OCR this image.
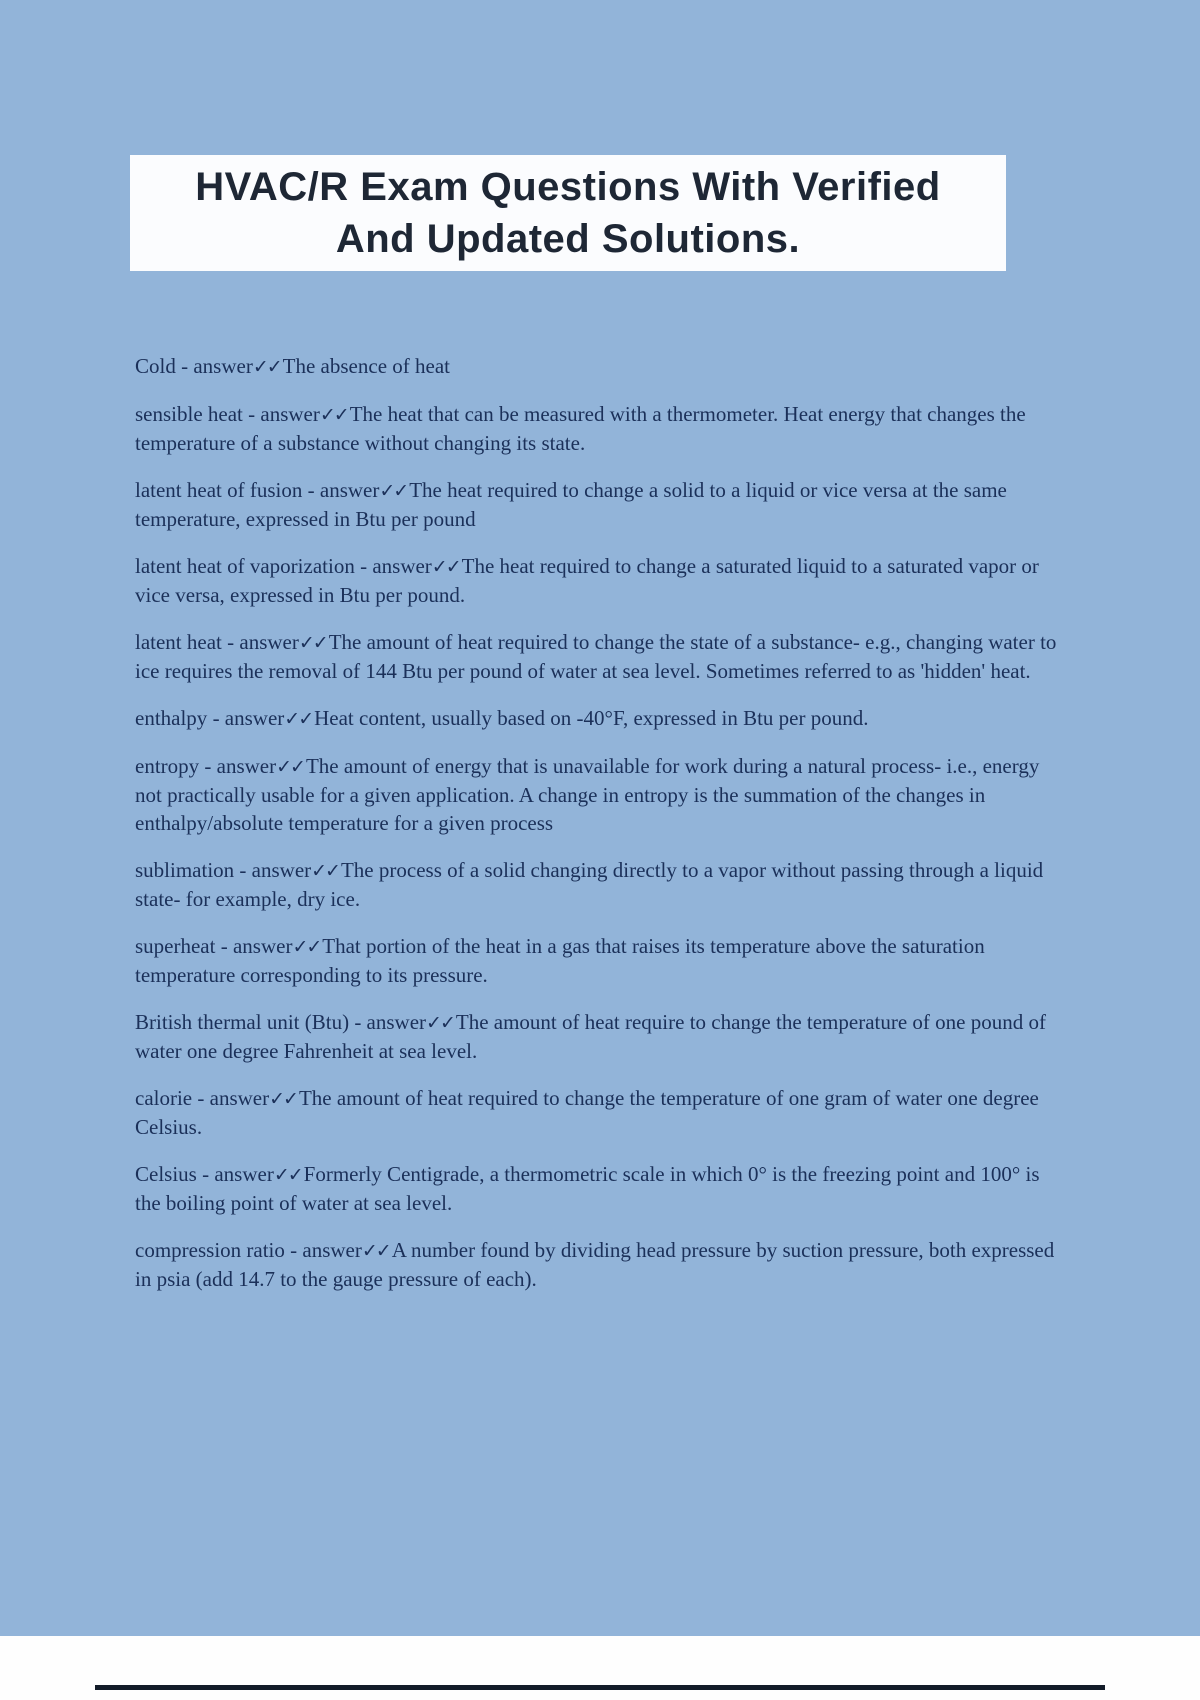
HVAC/R Exam Questions With Verified
And Updated Solutions.

Cold - answer✓✓The absence of heat

sensible heat - answer✓✓The heat that can be measured with a thermometer. Heat energy that changes the temperature of a substance without changing its state.

latent heat of fusion - answer✓✓The heat required to change a solid to a liquid or vice versa at the same temperature, expressed in Btu per pound

latent heat of vaporization - answer✓✓The heat required to change a saturated liquid to a saturated vapor or vice versa, expressed in Btu per pound.

latent heat - answer✓✓The amount of heat required to change the state of a substance- e.g., changing water to ice requires the removal of 144 Btu per pound of water at sea level. Sometimes referred to as 'hidden' heat.

enthalpy - answer✓✓Heat content, usually based on -40°F, expressed in Btu per pound.

entropy - answer✓✓The amount of energy that is unavailable for work during a natural process- i.e., energy not practically usable for a given application. A change in entropy is the summation of the changes in enthalpy/absolute temperature for a given process

sublimation - answer✓✓The process of a solid changing directly to a vapor without passing through a liquid state- for example, dry ice.

superheat - answer✓✓That portion of the heat in a gas that raises its temperature above the saturation temperature corresponding to its pressure.

British thermal unit (Btu) - answer✓✓The amount of heat require to change the temperature of one pound of water one degree Fahrenheit at sea level.

calorie - answer✓✓The amount of heat required to change the temperature of one gram of water one degree Celsius.

Celsius - answer✓✓Formerly Centigrade, a thermometric scale in which 0° is the freezing point and 100° is the boiling point of water at sea level.

compression ratio - answer✓✓A number found by dividing head pressure by suction pressure, both expressed in psia (add 14.7 to the gauge pressure of each).
